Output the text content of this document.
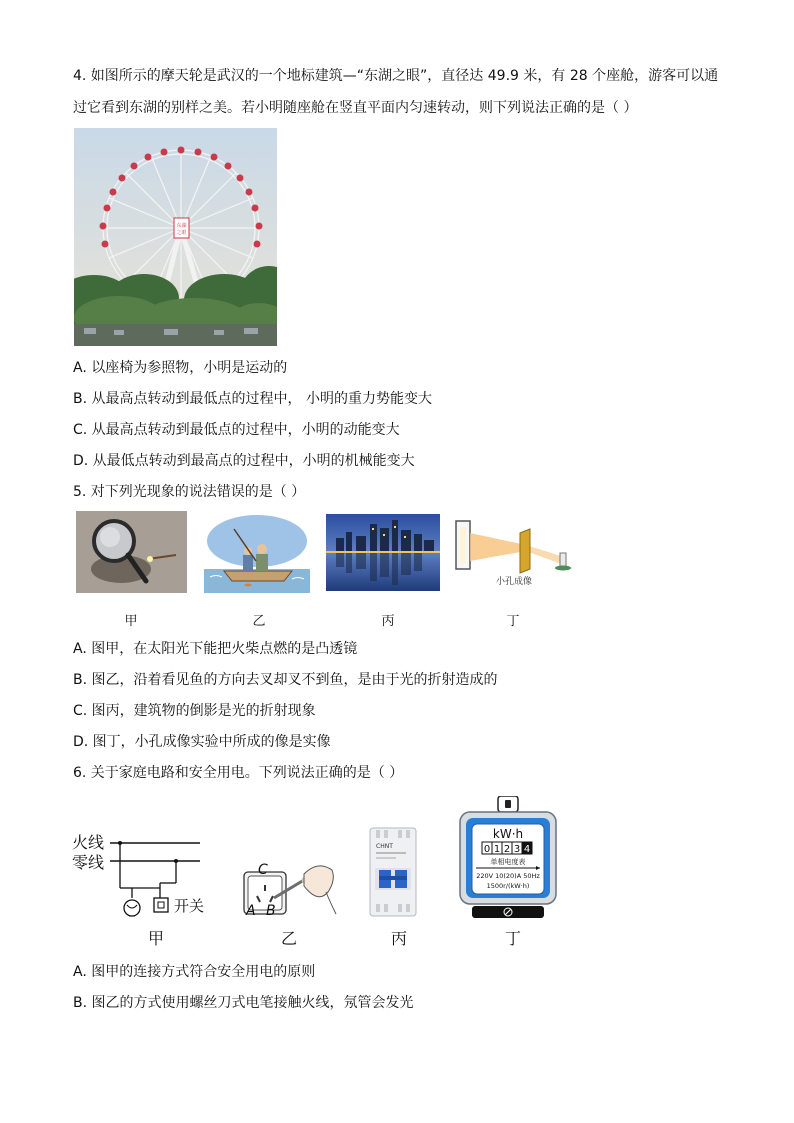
4. 如图所示的摩天轮是武汉的一个地标建筑—“东湖之眼”，直径达 49.9 米，有 28 个座舱，游客可以通
过它看到东湖的别样之美。若小明随座舱在竖直平面内匀速转动，则下列说法正确的是（ ）
东湖
之眼
A. 以座椅为参照物，小明是运动的
B. 从最高点转动到最低点的过程中， 小明的重力势能变大
C. 从最高点转动到最低点的过程中，小明的动能变大
D. 从最低点转动到最高点的过程中，小明的机械能变大
5. 对下列光现象的说法错误的是（ ）
小孔成像
甲	乙	丙	丁
A. 图甲，在太阳光下能把火柴点燃的是凸透镜
B. 图乙，沿着看见鱼的方向去叉却叉不到鱼，是由于光的折射造成的
C. 图丙，建筑物的倒影是光的折射现象
D. 图丁，小孔成像实验中所成的像是实像
6. 关于家庭电路和安全用电。下列说法正确的是（ ）
火线
零线
开关
C
A B
CHNT
kW·h
0 1 2 3 4
单相电度表
220V 10(20)A 50Hz
1500r/(kW·h)
甲	乙	丙	丁
A. 图甲的连接方式符合安全用电的原则
B. 图乙的方式使用螺丝刀式电笔接触火线，氖管会发光
